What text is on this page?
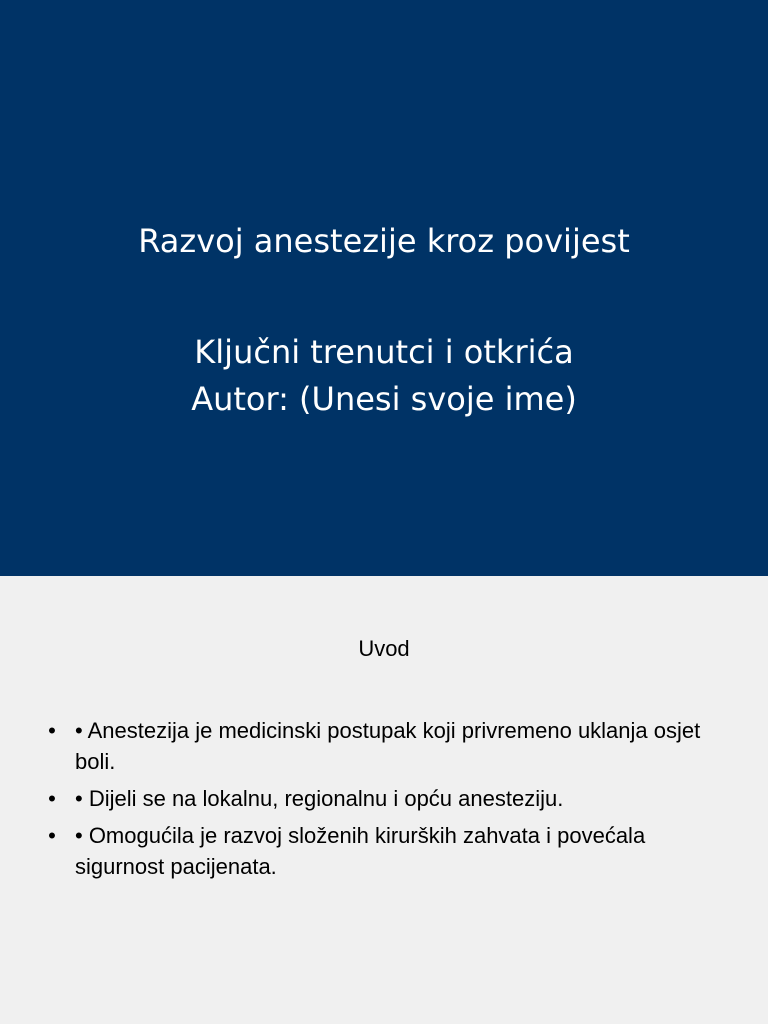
Razvoj anestezije kroz povijest
Ključni trenutci i otkrića
Autor: (Unesi svoje ime)
Uvod
• • Anestezija je medicinski postupak koji privremeno uklanja osjet boli.
• • Dijeli se na lokalnu, regionalnu i opću anesteziju.
• • Omogućila je razvoj složenih kirurških zahvata i povećala sigurnost pacijenata.
